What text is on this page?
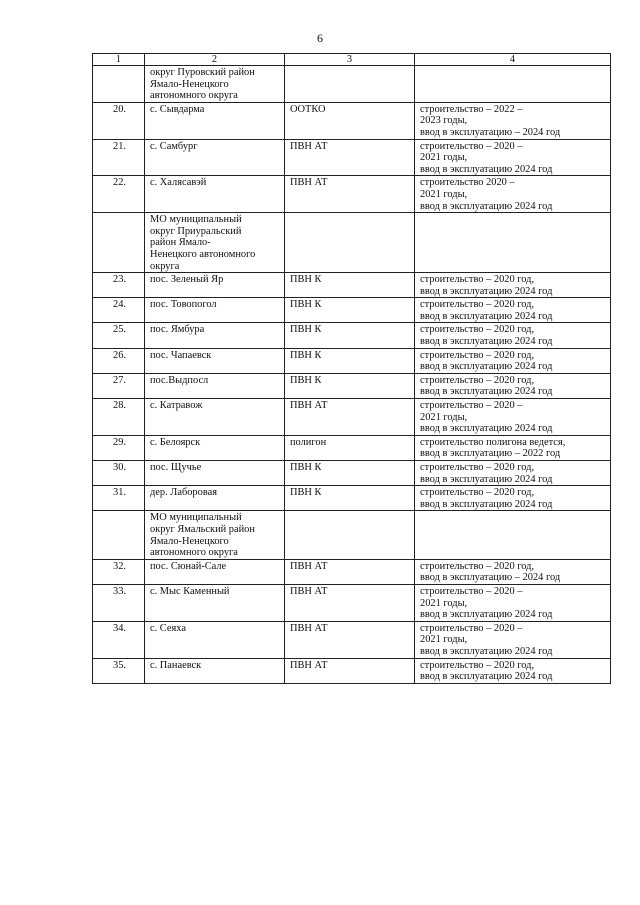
6
1	2	3	4
	округ Пуровский район
Ямало-Ненецкого
автономного округа		
20.	с. Сывдарма	ООТКО	строительство – 2022 –
2023 годы,
ввод в эксплуатацию – 2024 год
21.	с. Самбург	ПВН АТ	строительство – 2020 –
2021 годы,
ввод в эксплуатацию 2024 год
22.	с. Халясавэй	ПВН АТ	строительство 2020 –
2021 годы,
ввод в эксплуатацию 2024 год
	МО муниципальный
округ Приуральский
район Ямало-
Ненецкого автономного
округа		
23.	пос. Зеленый Яр	ПВН К	строительство – 2020 год,
ввод в эксплуатацию 2024 год
24.	пос. Товопогол	ПВН К	строительство – 2020 год,
ввод в эксплуатацию 2024 год
25.	пос. Ямбура	ПВН К	строительство – 2020 год,
ввод в эксплуатацию 2024 год
26.	пос. Чапаевск	ПВН К	строительство – 2020 год,
ввод в эксплуатацию 2024 год
27.	пос.Выдпосл	ПВН К	строительство – 2020 год,
ввод в эксплуатацию 2024 год
28.	с. Катравож	ПВН АТ	строительство – 2020 –
2021 годы,
ввод в эксплуатацию 2024 год
29.	с. Белоярск	полигон	строительство полигона ведется,
ввод в эксплуатацию – 2022 год
30.	пос. Щучье	ПВН К	строительство – 2020 год,
ввод в эксплуатацию 2024 год
31.	дер. Лаборовая	ПВН К	строительство – 2020 год,
ввод в эксплуатацию 2024 год
	МО муниципальный
округ Ямальский район
Ямало-Ненецкого
автономного округа		
32.	пос. Сюнай-Сале	ПВН АТ	строительство – 2020 год,
ввод в эксплуатацию – 2024 год
33.	с. Мыс Каменный	ПВН АТ	строительство – 2020 –
2021 годы,
ввод в эксплуатацию 2024 год
34.	с. Сеяха	ПВН АТ	строительство – 2020 –
2021 годы,
ввод в эксплуатацию 2024 год
35.	с. Панаевск	ПВН АТ	строительство – 2020 год,
ввод в эксплуатацию 2024 год
